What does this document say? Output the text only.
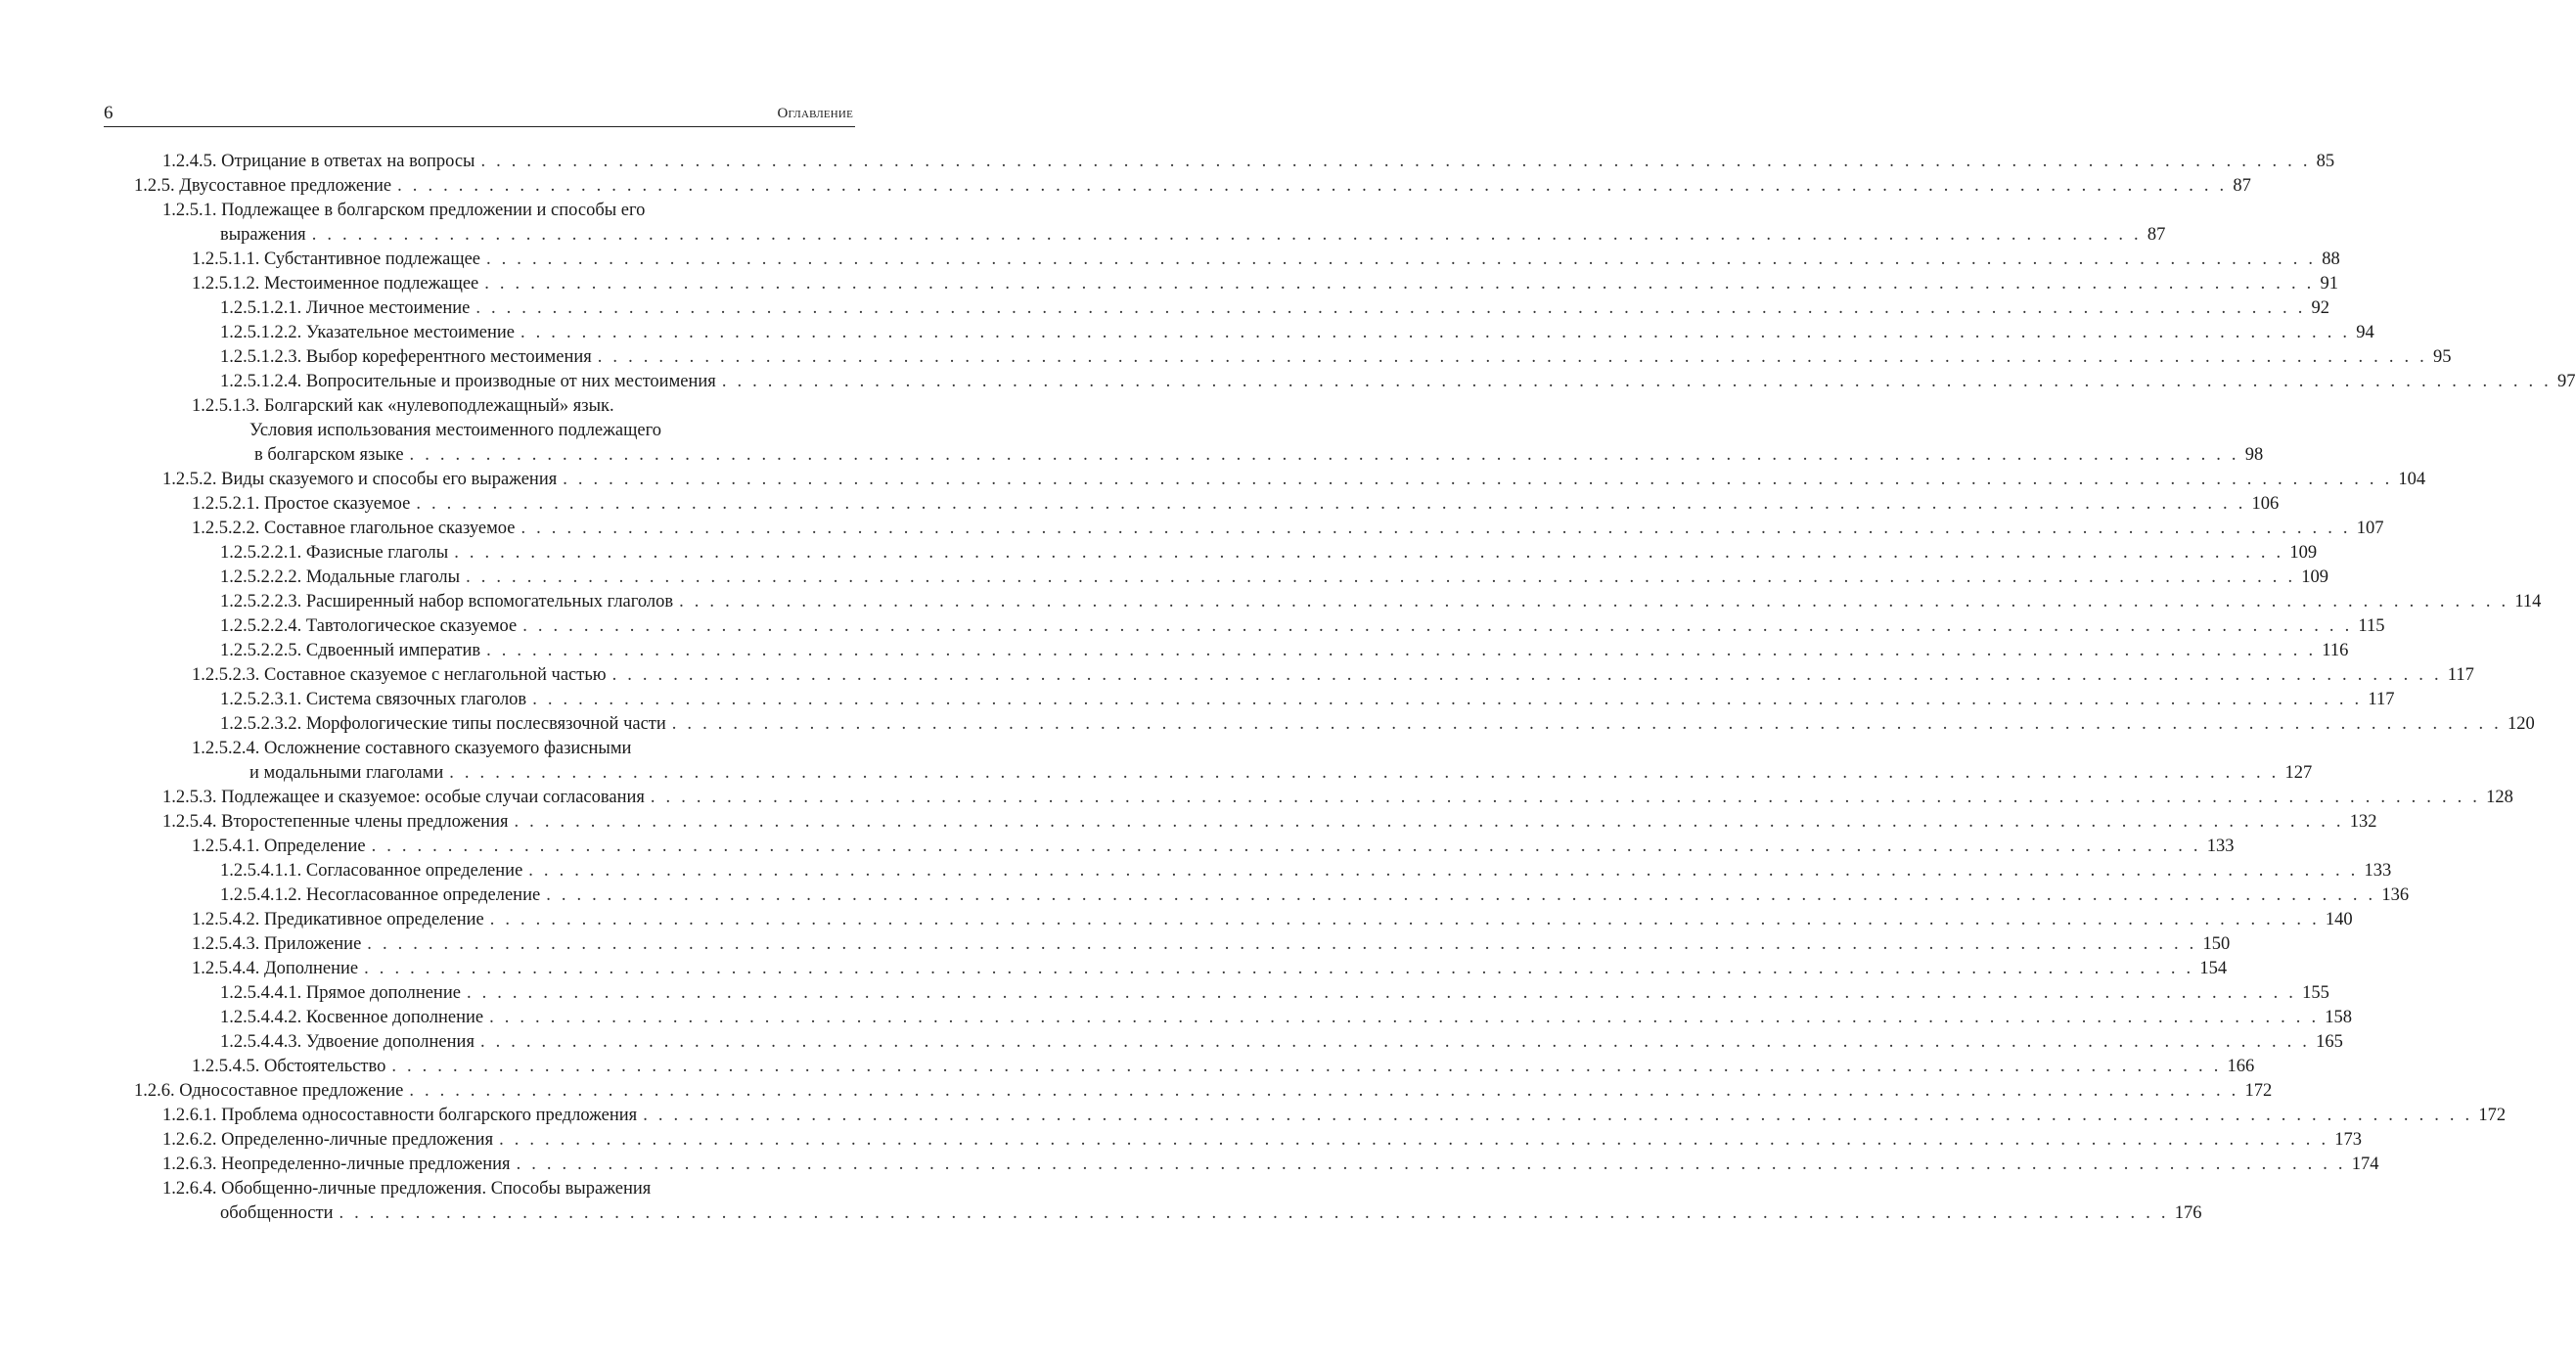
6	Оглавление
1.2.4.5. Отрицание в ответах на вопросы . . . . . . . . . . . . . . . . . . . . . . . . . . . . . . . . . . . . . . . . . . . . . . . . . . . . . . . . . . . . . . . . . . . . . . . . . . . . . . . . . . . . . . . . . . . . . . . . . . . . . . . . . . . . . . . . . . . . . . . . 85
1.2.5. Двусоставное предложение . . . . . . . . . . . . . . . . . . . . . . . . . . . . . . . . . . . . . . . . . . . . . . . . . . . . . . . . . . . . . . . . . . . . . . . . . . . . . . . . . . . . . . . . . . . . . . . . . . . . . . . . . . . . . . . . . . . . . . . . 87
1.2.5.1. Подлежащее в болгарском предложении и способы его
выражения . . . . . . . . . . . . . . . . . . . . . . . . . . . . . . . . . . . . . . . . . . . . . . . . . . . . . . . . . . . . . . . . . . . . . . . . . . . . . . . . . . . . . . . . . . . . . . . . . . . . . . . . . . . . . . . . . . . . . . . . 87
1.2.5.1.1. Субстантивное подлежащее . . . . . . . . . . . . . . . . . . . . . . . . . . . . . . . . . . . . . . . . . . . . . . . . . . . . . . . . . . . . . . . . . . . . . . . . . . . . . . . . . . . . . . . . . . . . . . . . . . . . . . . . . . . . . . . . . . . . . . . . 88
1.2.5.1.2. Местоименное подлежащее . . . . . . . . . . . . . . . . . . . . . . . . . . . . . . . . . . . . . . . . . . . . . . . . . . . . . . . . . . . . . . . . . . . . . . . . . . . . . . . . . . . . . . . . . . . . . . . . . . . . . . . . . . . . . . . . . . . . . . . . 91
1.2.5.1.2.1. Личное местоимение . . . . . . . . . . . . . . . . . . . . . . . . . . . . . . . . . . . . . . . . . . . . . . . . . . . . . . . . . . . . . . . . . . . . . . . . . . . . . . . . . . . . . . . . . . . . . . . . . . . . . . . . . . . . . . . . . . . . . . . . 92
1.2.5.1.2.2. Указательное местоимение . . . . . . . . . . . . . . . . . . . . . . . . . . . . . . . . . . . . . . . . . . . . . . . . . . . . . . . . . . . . . . . . . . . . . . . . . . . . . . . . . . . . . . . . . . . . . . . . . . . . . . . . . . . . . . . . . . . . . . . . 94
1.2.5.1.2.3. Выбор кореферентного местоимения . . . . . . . . . . . . . . . . . . . . . . . . . . . . . . . . . . . . . . . . . . . . . . . . . . . . . . . . . . . . . . . . . . . . . . . . . . . . . . . . . . . . . . . . . . . . . . . . . . . . . . . . . . . . . . . . . . . . . . . . 95
1.2.5.1.2.4. Вопросительные и производные от них местоимения . . . . . . . . . . . . . . . . . . . . . . . . . . . . . . . . . . . . . . . . . . . . . . . . . . . . . . . . . . . . . . . . . . . . . . . . . . . . . . . . . . . . . . . . . . . . . . . . . . . . . . . . . . . . . . . . . . . . . . . . 97
1.2.5.1.3. Болгарский как «нулевоподлежащный» язык.
Условия использования местоименного подлежащего
в болгарском языке . . . . . . . . . . . . . . . . . . . . . . . . . . . . . . . . . . . . . . . . . . . . . . . . . . . . . . . . . . . . . . . . . . . . . . . . . . . . . . . . . . . . . . . . . . . . . . . . . . . . . . . . . . . . . . . . . . . . . . . . 98
1.2.5.2. Виды сказуемого и способы его выражения . . . . . . . . . . . . . . . . . . . . . . . . . . . . . . . . . . . . . . . . . . . . . . . . . . . . . . . . . . . . . . . . . . . . . . . . . . . . . . . . . . . . . . . . . . . . . . . . . . . . . . . . . . . . . . . . . . . . . . . . 104
1.2.5.2.1. Простое сказуемое . . . . . . . . . . . . . . . . . . . . . . . . . . . . . . . . . . . . . . . . . . . . . . . . . . . . . . . . . . . . . . . . . . . . . . . . . . . . . . . . . . . . . . . . . . . . . . . . . . . . . . . . . . . . . . . . . . . . . . . . 106
1.2.5.2.2. Составное глагольное сказуемое . . . . . . . . . . . . . . . . . . . . . . . . . . . . . . . . . . . . . . . . . . . . . . . . . . . . . . . . . . . . . . . . . . . . . . . . . . . . . . . . . . . . . . . . . . . . . . . . . . . . . . . . . . . . . . . . . . . . . . . . 107
1.2.5.2.2.1. Фазисные глаголы . . . . . . . . . . . . . . . . . . . . . . . . . . . . . . . . . . . . . . . . . . . . . . . . . . . . . . . . . . . . . . . . . . . . . . . . . . . . . . . . . . . . . . . . . . . . . . . . . . . . . . . . . . . . . . . . . . . . . . . . 109
1.2.5.2.2.2. Модальные глаголы . . . . . . . . . . . . . . . . . . . . . . . . . . . . . . . . . . . . . . . . . . . . . . . . . . . . . . . . . . . . . . . . . . . . . . . . . . . . . . . . . . . . . . . . . . . . . . . . . . . . . . . . . . . . . . . . . . . . . . . . 109
1.2.5.2.2.3. Расширенный набор вспомогательных глаголов . . . . . . . . . . . . . . . . . . . . . . . . . . . . . . . . . . . . . . . . . . . . . . . . . . . . . . . . . . . . . . . . . . . . . . . . . . . . . . . . . . . . . . . . . . . . . . . . . . . . . . . . . . . . . . . . . . . . . . . . 114
1.2.5.2.2.4. Тавтологическое сказуемое . . . . . . . . . . . . . . . . . . . . . . . . . . . . . . . . . . . . . . . . . . . . . . . . . . . . . . . . . . . . . . . . . . . . . . . . . . . . . . . . . . . . . . . . . . . . . . . . . . . . . . . . . . . . . . . . . . . . . . . . 115
1.2.5.2.2.5. Сдвоенный императив . . . . . . . . . . . . . . . . . . . . . . . . . . . . . . . . . . . . . . . . . . . . . . . . . . . . . . . . . . . . . . . . . . . . . . . . . . . . . . . . . . . . . . . . . . . . . . . . . . . . . . . . . . . . . . . . . . . . . . . . 116
1.2.5.2.3. Составное сказуемое с неглагольной частью . . . . . . . . . . . . . . . . . . . . . . . . . . . . . . . . . . . . . . . . . . . . . . . . . . . . . . . . . . . . . . . . . . . . . . . . . . . . . . . . . . . . . . . . . . . . . . . . . . . . . . . . . . . . . . . . . . . . . . . . 117
1.2.5.2.3.1. Система связочных глаголов . . . . . . . . . . . . . . . . . . . . . . . . . . . . . . . . . . . . . . . . . . . . . . . . . . . . . . . . . . . . . . . . . . . . . . . . . . . . . . . . . . . . . . . . . . . . . . . . . . . . . . . . . . . . . . . . . . . . . . . . 117
1.2.5.2.3.2. Морфологические типы послесвязочной части . . . . . . . . . . . . . . . . . . . . . . . . . . . . . . . . . . . . . . . . . . . . . . . . . . . . . . . . . . . . . . . . . . . . . . . . . . . . . . . . . . . . . . . . . . . . . . . . . . . . . . . . . . . . . . . . . . . . . . . . 120
1.2.5.2.4. Осложнение составного сказуемого фазисными
и модальными глаголами . . . . . . . . . . . . . . . . . . . . . . . . . . . . . . . . . . . . . . . . . . . . . . . . . . . . . . . . . . . . . . . . . . . . . . . . . . . . . . . . . . . . . . . . . . . . . . . . . . . . . . . . . . . . . . . . . . . . . . . . 127
1.2.5.3. Подлежащее и сказуемое: особые случаи согласования . . . . . . . . . . . . . . . . . . . . . . . . . . . . . . . . . . . . . . . . . . . . . . . . . . . . . . . . . . . . . . . . . . . . . . . . . . . . . . . . . . . . . . . . . . . . . . . . . . . . . . . . . . . . . . . . . . . . . . . . 128
1.2.5.4. Второстепенные члены предложения . . . . . . . . . . . . . . . . . . . . . . . . . . . . . . . . . . . . . . . . . . . . . . . . . . . . . . . . . . . . . . . . . . . . . . . . . . . . . . . . . . . . . . . . . . . . . . . . . . . . . . . . . . . . . . . . . . . . . . . . 132
1.2.5.4.1. Определение . . . . . . . . . . . . . . . . . . . . . . . . . . . . . . . . . . . . . . . . . . . . . . . . . . . . . . . . . . . . . . . . . . . . . . . . . . . . . . . . . . . . . . . . . . . . . . . . . . . . . . . . . . . . . . . . . . . . . . . . 133
1.2.5.4.1.1. Согласованное определение . . . . . . . . . . . . . . . . . . . . . . . . . . . . . . . . . . . . . . . . . . . . . . . . . . . . . . . . . . . . . . . . . . . . . . . . . . . . . . . . . . . . . . . . . . . . . . . . . . . . . . . . . . . . . . . . . . . . . . . . 133
1.2.5.4.1.2. Несогласованное определение . . . . . . . . . . . . . . . . . . . . . . . . . . . . . . . . . . . . . . . . . . . . . . . . . . . . . . . . . . . . . . . . . . . . . . . . . . . . . . . . . . . . . . . . . . . . . . . . . . . . . . . . . . . . . . . . . . . . . . . . 136
1.2.5.4.2. Предикативное определение . . . . . . . . . . . . . . . . . . . . . . . . . . . . . . . . . . . . . . . . . . . . . . . . . . . . . . . . . . . . . . . . . . . . . . . . . . . . . . . . . . . . . . . . . . . . . . . . . . . . . . . . . . . . . . . . . . . . . . . . 140
1.2.5.4.3. Приложение . . . . . . . . . . . . . . . . . . . . . . . . . . . . . . . . . . . . . . . . . . . . . . . . . . . . . . . . . . . . . . . . . . . . . . . . . . . . . . . . . . . . . . . . . . . . . . . . . . . . . . . . . . . . . . . . . . . . . . . . 150
1.2.5.4.4. Дополнение . . . . . . . . . . . . . . . . . . . . . . . . . . . . . . . . . . . . . . . . . . . . . . . . . . . . . . . . . . . . . . . . . . . . . . . . . . . . . . . . . . . . . . . . . . . . . . . . . . . . . . . . . . . . . . . . . . . . . . . . 154
1.2.5.4.4.1. Прямое дополнение . . . . . . . . . . . . . . . . . . . . . . . . . . . . . . . . . . . . . . . . . . . . . . . . . . . . . . . . . . . . . . . . . . . . . . . . . . . . . . . . . . . . . . . . . . . . . . . . . . . . . . . . . . . . . . . . . . . . . . . . 155
1.2.5.4.4.2. Косвенное дополнение . . . . . . . . . . . . . . . . . . . . . . . . . . . . . . . . . . . . . . . . . . . . . . . . . . . . . . . . . . . . . . . . . . . . . . . . . . . . . . . . . . . . . . . . . . . . . . . . . . . . . . . . . . . . . . . . . . . . . . . . 158
1.2.5.4.4.3. Удвоение дополнения . . . . . . . . . . . . . . . . . . . . . . . . . . . . . . . . . . . . . . . . . . . . . . . . . . . . . . . . . . . . . . . . . . . . . . . . . . . . . . . . . . . . . . . . . . . . . . . . . . . . . . . . . . . . . . . . . . . . . . . . 165
1.2.5.4.5. Обстоятельство . . . . . . . . . . . . . . . . . . . . . . . . . . . . . . . . . . . . . . . . . . . . . . . . . . . . . . . . . . . . . . . . . . . . . . . . . . . . . . . . . . . . . . . . . . . . . . . . . . . . . . . . . . . . . . . . . . . . . . . . 166
1.2.6. Односоставное предложение . . . . . . . . . . . . . . . . . . . . . . . . . . . . . . . . . . . . . . . . . . . . . . . . . . . . . . . . . . . . . . . . . . . . . . . . . . . . . . . . . . . . . . . . . . . . . . . . . . . . . . . . . . . . . . . . . . . . . . . . 172
1.2.6.1. Проблема односоставности болгарского предложения . . . . . . . . . . . . . . . . . . . . . . . . . . . . . . . . . . . . . . . . . . . . . . . . . . . . . . . . . . . . . . . . . . . . . . . . . . . . . . . . . . . . . . . . . . . . . . . . . . . . . . . . . . . . . . . . . . . . . . . . 172
1.2.6.2. Определенно-личные предложения . . . . . . . . . . . . . . . . . . . . . . . . . . . . . . . . . . . . . . . . . . . . . . . . . . . . . . . . . . . . . . . . . . . . . . . . . . . . . . . . . . . . . . . . . . . . . . . . . . . . . . . . . . . . . . . . . . . . . . . . 173
1.2.6.3. Неопределенно-личные предложения . . . . . . . . . . . . . . . . . . . . . . . . . . . . . . . . . . . . . . . . . . . . . . . . . . . . . . . . . . . . . . . . . . . . . . . . . . . . . . . . . . . . . . . . . . . . . . . . . . . . . . . . . . . . . . . . . . . . . . . . 174
1.2.6.4. Обобщенно-личные предложения. Способы выражения
обобщенности . . . . . . . . . . . . . . . . . . . . . . . . . . . . . . . . . . . . . . . . . . . . . . . . . . . . . . . . . . . . . . . . . . . . . . . . . . . . . . . . . . . . . . . . . . . . . . . . . . . . . . . . . . . . . . . . . . . . . . . . 176
